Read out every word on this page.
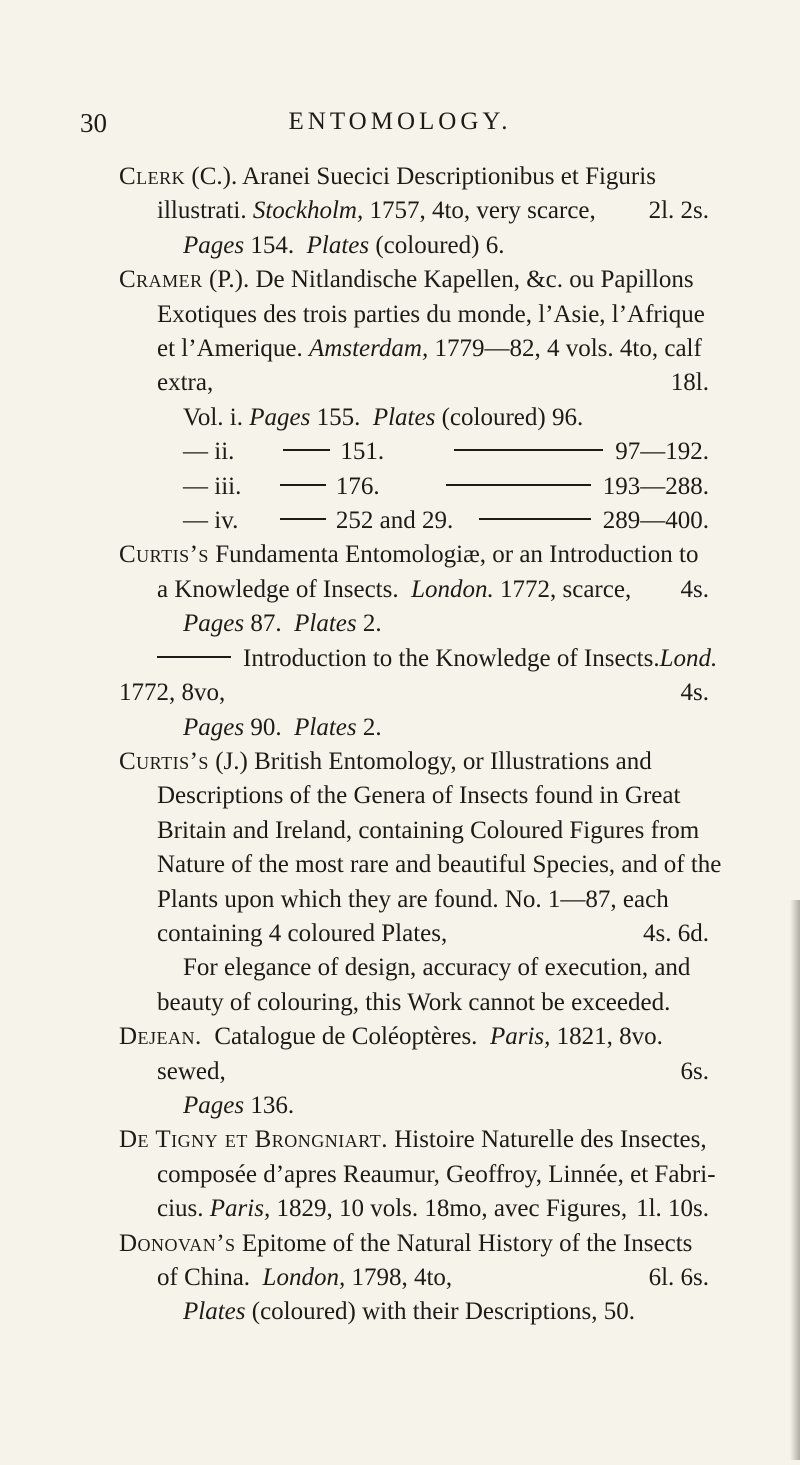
30	ENTOMOLOGY.
Clerk
(C.). Aranei Suecici Descriptionibus et Figuris
illustrati. Stockholm, 1757, 4to, very scarce, 2l. 2s.
Pages
154.
Plates
(coloured) 6.
Cramer
(P.). De Nitlandische Kapellen, &c. ou Papillons
Exotiques des trois parties du monde, l’Asie, l’Afrique
et l’Amerique.
Amsterdam,
1779—82, 4 vols. 4to, calf
extra,	18l.
Vol. i.
Pages
155.
Plates
(coloured) 96.
— ii.	151.	97—192.
— iii.	176.	193—288.
— iv.	252 and 29.	289—400.
Curtis’s
Fundamenta Entomologiæ, or an Introduction to
a Knowledge of Insects. London. 1772, scarce, 4s.
Pages
87.
Plates
2.
Introduction to the Knowledge of Insects. Lond.
1772, 8vo,	4s.
Pages
90.
Plates
2.
Curtis’s
(J.) British Entomology, or Illustrations and
Descriptions of the Genera of Insects found in Great
Britain and Ireland, containing Coloured Figures from
Nature of the most rare and beautiful Species, and of the
Plants upon which they are found. No. 1—87, each
containing 4 coloured Plates,	4s. 6d.
For elegance of design, accuracy of execution, and
beauty of colouring, this Work cannot be exceeded.
Dejean.
Catalogue de Coléoptères.
Paris,
1821, 8vo.
sewed,	6s.
Pages
136.
De Tigny et Brongniart.
Histoire Naturelle des Insectes,
composée d’apres Reaumur, Geoffroy, Linnée, et Fabri-
cius. Paris, 1829, 10 vols. 18mo, avec Figures, 1l. 10s.
Donovan’s
Epitome of the Natural History of the Insects
of China. London, 1798, 4to,	6l. 6s.
Plates
(coloured) with their Descriptions, 50.
